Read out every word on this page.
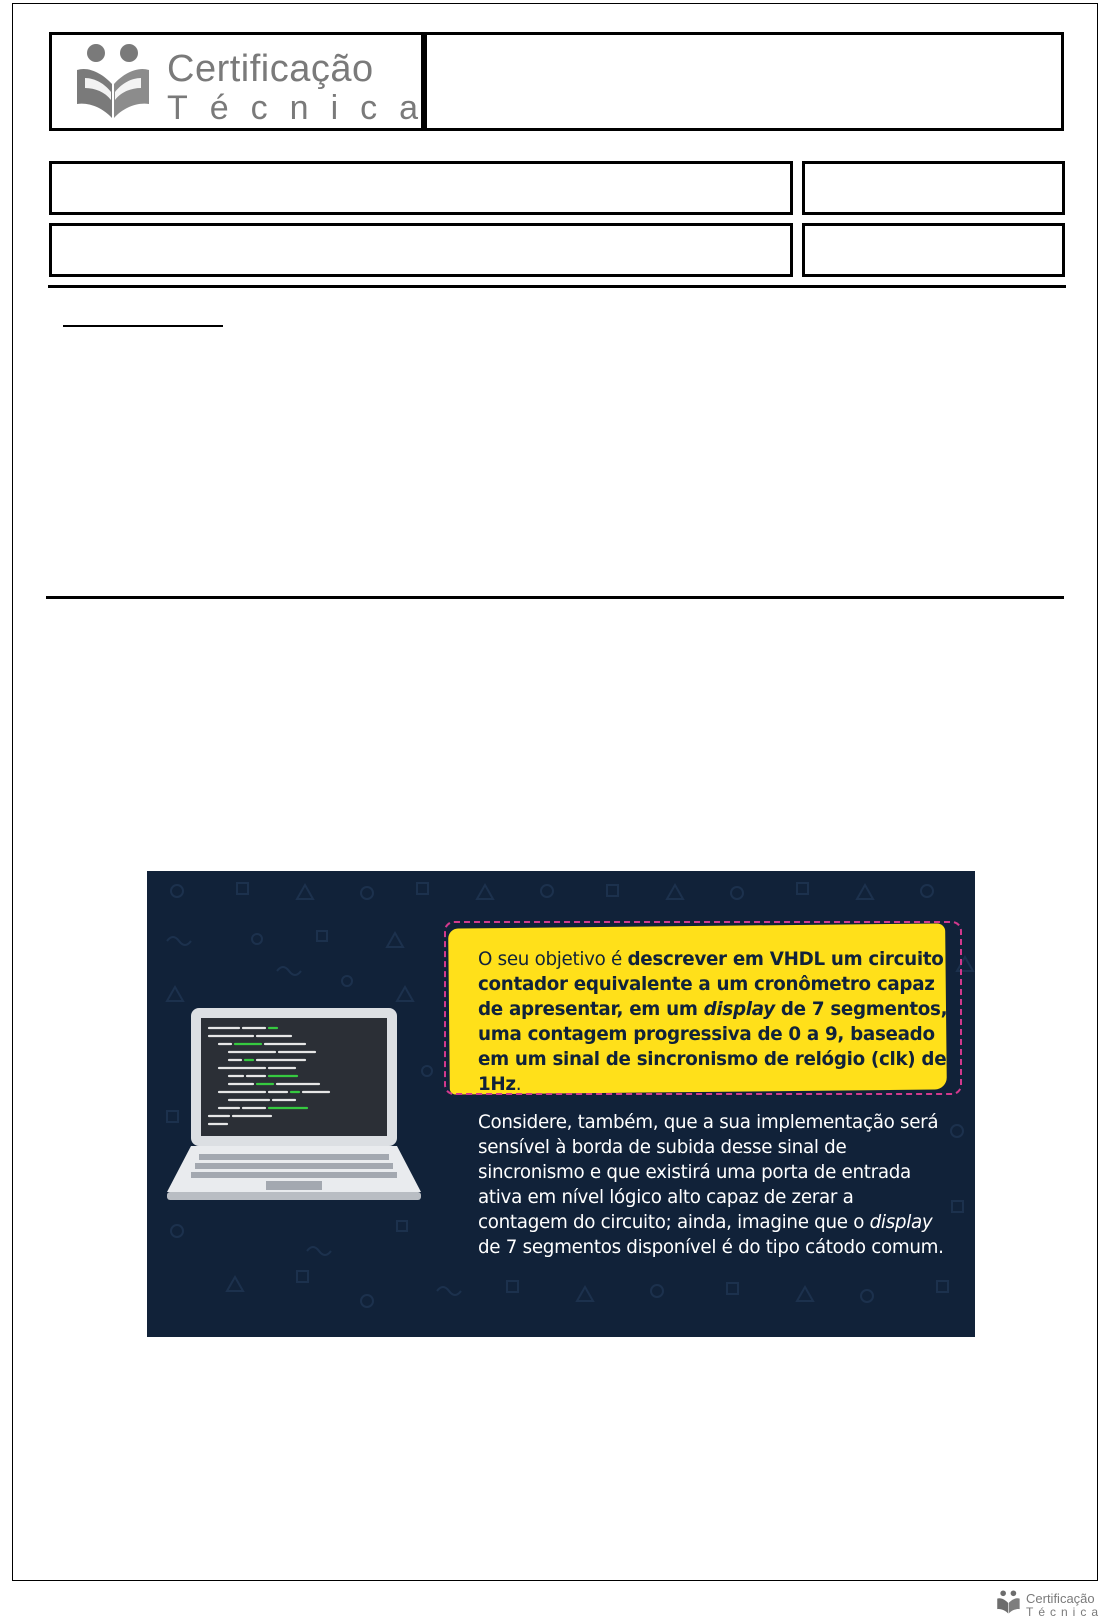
Certificação
Técnica
O seu objetivo é descrever em VHDL um circuito contador equivalente a um cronômetro capaz de apresentar, em um display de 7 segmentos, uma contagem progressiva de 0 a 9, baseado em um sinal de sincronismo de relógio (clk) de 1Hz.
Considere, também, que a sua implementação será sensível à borda de subida desse sinal de sincronismo e que existirá uma porta de entrada ativa em nível lógico alto capaz de zerar a contagem do circuito; ainda, imagine que o display de 7 segmentos disponível é do tipo cátodo comum.
Certificação
Técnica
